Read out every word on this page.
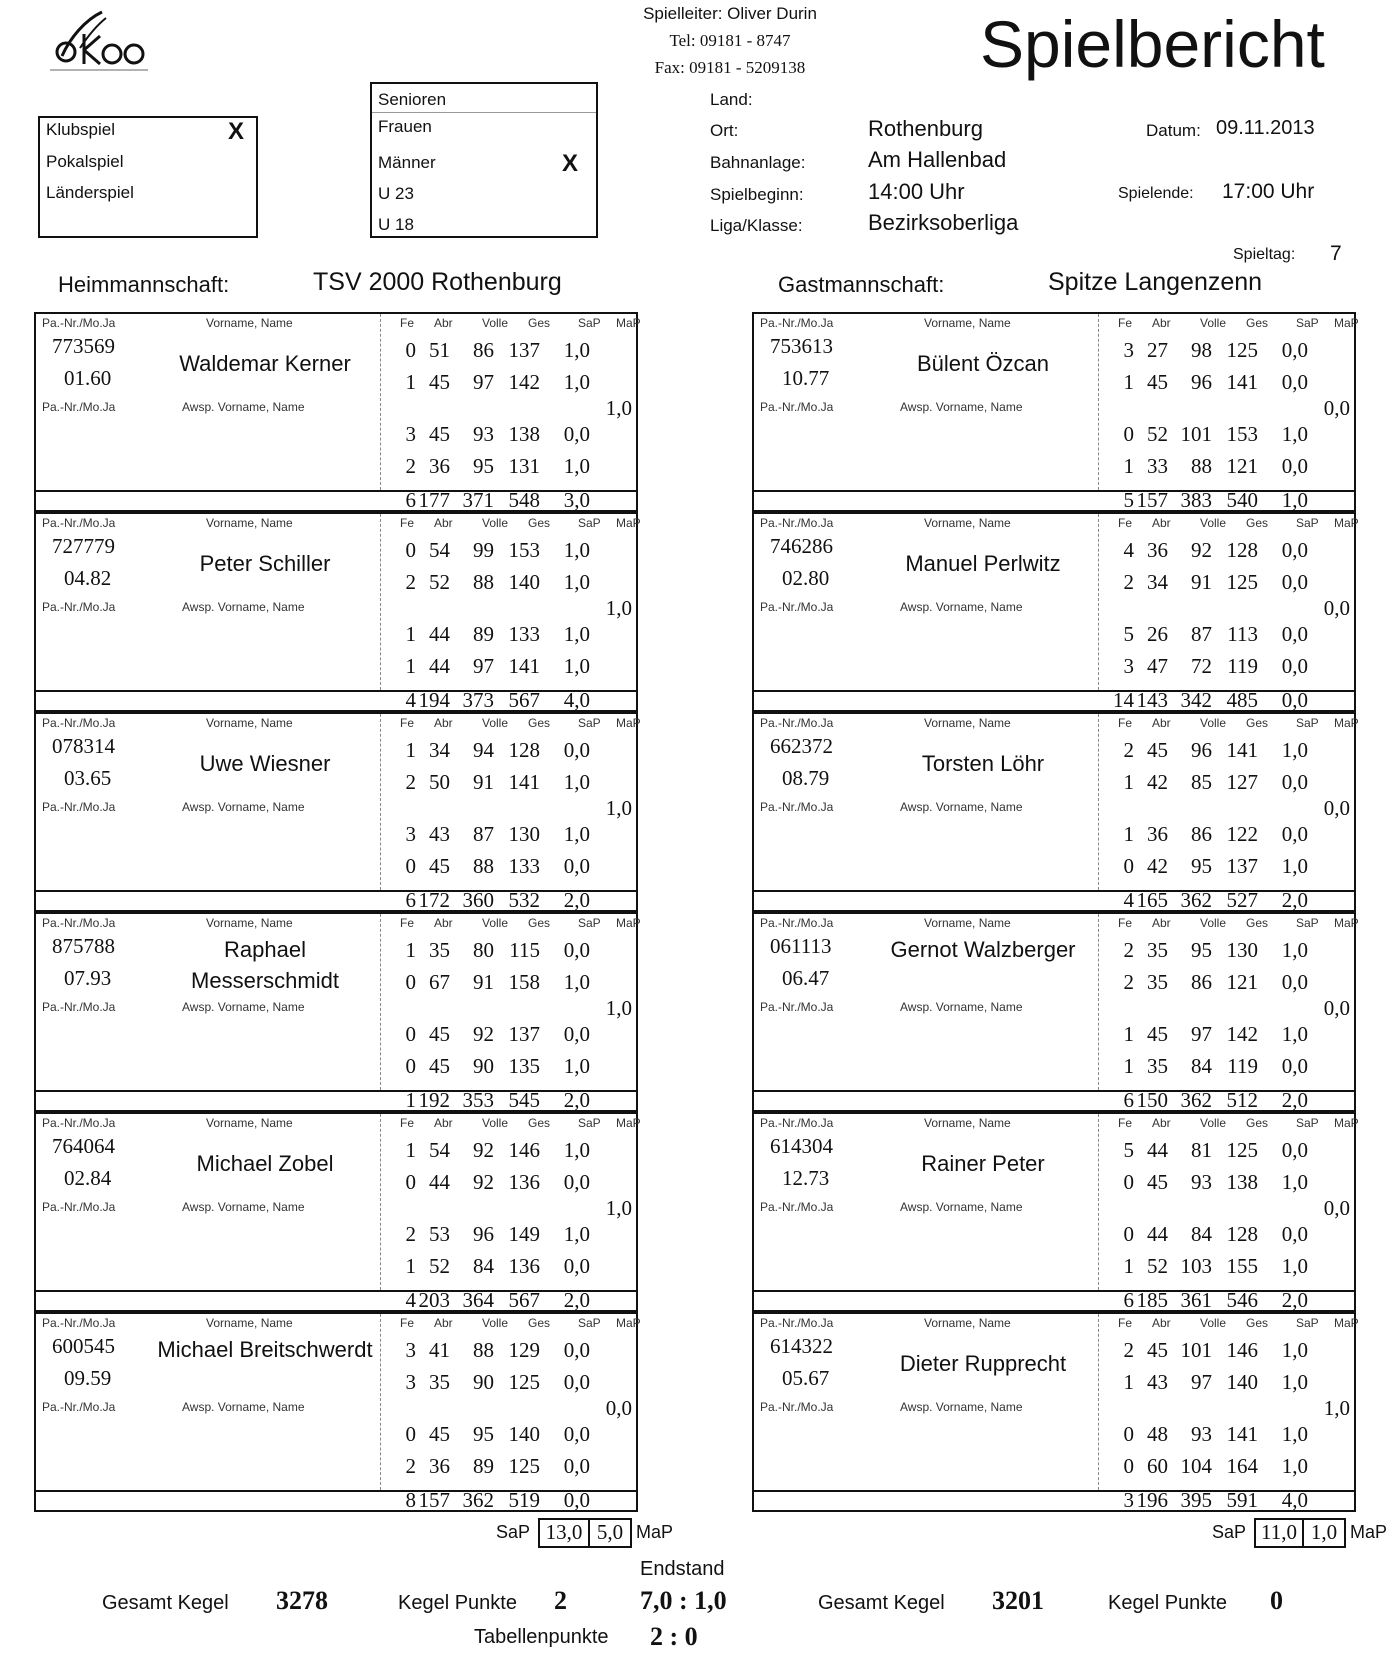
Spielleiter: Oliver Durin
Tel: 09181 - 8747
Fax: 09181 - 5209138	Spielbericht
Klubspiel	X
Pokalspiel
Länderspiel
Senioren
Frauen
Männer	X
U 23
U 18
Land:
Ort:	Rothenburg
Bahnanlage:	Am Hallenbad
Spielbeginn:	14:00 Uhr
Liga/Klasse:	Bezirksoberliga
Datum: 09.11.2013
Spielende: 17:00 Uhr
Spieltag: 7
Heimmannschaft:	TSV 2000 Rothenburg	Gastmannschaft:	Spitze Langenzenn
Pa.-Nr./Mo.Ja	Vorname, Name	Fe Abr Volle Ges SaP MaP
773569
01.60
Waldemar Kerner
Pa.-Nr./Mo.Ja	Awsp. Vorname, Name	1,0
0 51 86 137 1,0
1 45 97 142 1,0
3 45 93 138 0,0
2 36 95 131 1,0
6 177 371 548 3,0
Pa.-Nr./Mo.Ja	Vorname, Name	Fe Abr Volle Ges SaP MaP
727779
04.82
Peter Schiller
Pa.-Nr./Mo.Ja	Awsp. Vorname, Name	1,0
0 54 99 153 1,0
2 52 88 140 1,0
1 44 89 133 1,0
1 44 97 141 1,0
4 194 373 567 4,0
Pa.-Nr./Mo.Ja	Vorname, Name	Fe Abr Volle Ges SaP MaP
078314
03.65
Uwe Wiesner
Pa.-Nr./Mo.Ja	Awsp. Vorname, Name	1,0
1 34 94 128 0,0
2 50 91 141 1,0
3 43 87 130 1,0
0 45 88 133 0,0
6 172 360 532 2,0
Pa.-Nr./Mo.Ja	Vorname, Name	Fe Abr Volle Ges SaP MaP
875788
07.93
Raphael Messerschmidt
Pa.-Nr./Mo.Ja	Awsp. Vorname, Name	1,0
1 35 80 115 0,0
0 67 91 158 1,0
0 45 92 137 0,0
0 45 90 135 1,0
1 192 353 545 2,0
Pa.-Nr./Mo.Ja	Vorname, Name	Fe Abr Volle Ges SaP MaP
764064
02.84
Michael Zobel
Pa.-Nr./Mo.Ja	Awsp. Vorname, Name	1,0
1 54 92 146 1,0
0 44 92 136 0,0
2 53 96 149 1,0
1 52 84 136 0,0
4 203 364 567 2,0
Pa.-Nr./Mo.Ja	Vorname, Name	Fe Abr Volle Ges SaP MaP
600545
09.59
Michael Breitschwerdt
Pa.-Nr./Mo.Ja	Awsp. Vorname, Name	0,0
3 41 88 129 0,0
3 35 90 125 0,0
0 45 95 140 0,0
2 36 89 125 0,0
8 157 362 519 0,0
Pa.-Nr./Mo.Ja	Vorname, Name	Fe Abr Volle Ges SaP MaP
753613
10.77
Bülent Özcan
Pa.-Nr./Mo.Ja	Awsp. Vorname, Name	0,0
3 27 98 125 0,0
1 45 96 141 0,0
0 52 101 153 1,0
1 33 88 121 0,0
5 157 383 540 1,0
Pa.-Nr./Mo.Ja	Vorname, Name	Fe Abr Volle Ges SaP MaP
746286
02.80
Manuel Perlwitz
Pa.-Nr./Mo.Ja	Awsp. Vorname, Name	0,0
4 36 92 128 0,0
2 34 91 125 0,0
5 26 87 113 0,0
3 47 72 119 0,0
14 143 342 485 0,0
Pa.-Nr./Mo.Ja	Vorname, Name	Fe Abr Volle Ges SaP MaP
662372
08.79
Torsten Löhr
Pa.-Nr./Mo.Ja	Awsp. Vorname, Name	0,0
2 45 96 141 1,0
1 42 85 127 0,0
1 36 86 122 0,0
0 42 95 137 1,0
4 165 362 527 2,0
Pa.-Nr./Mo.Ja	Vorname, Name	Fe Abr Volle Ges SaP MaP
061113
06.47
Gernot Walzberger
Pa.-Nr./Mo.Ja	Awsp. Vorname, Name	0,0
2 35 95 130 1,0
2 35 86 121 0,0
1 45 97 142 1,0
1 35 84 119 0,0
6 150 362 512 2,0
Pa.-Nr./Mo.Ja	Vorname, Name	Fe Abr Volle Ges SaP MaP
614304
12.73
Rainer Peter
Pa.-Nr./Mo.Ja	Awsp. Vorname, Name	0,0
5 44 81 125 0,0
0 45 93 138 1,0
0 44 84 128 0,0
1 52 103 155 1,0
6 185 361 546 2,0
Pa.-Nr./Mo.Ja	Vorname, Name	Fe Abr Volle Ges SaP MaP
614322
05.67
Dieter Rupprecht
Pa.-Nr./Mo.Ja	Awsp. Vorname, Name	1,0
2 45 101 146 1,0
1 43 97 140 1,0
0 48 93 141 1,0
0 60 104 164 1,0
3 196 395 591 4,0
SaP 13,0 5,0 MaP	SaP 11,0 1,0 MaP
Endstand
Gesamt Kegel 3278	Kegel Punkte 2	7,0 : 1,0	Gesamt Kegel 3201	Kegel Punkte 0
Tabellenpunkte 2 : 0
